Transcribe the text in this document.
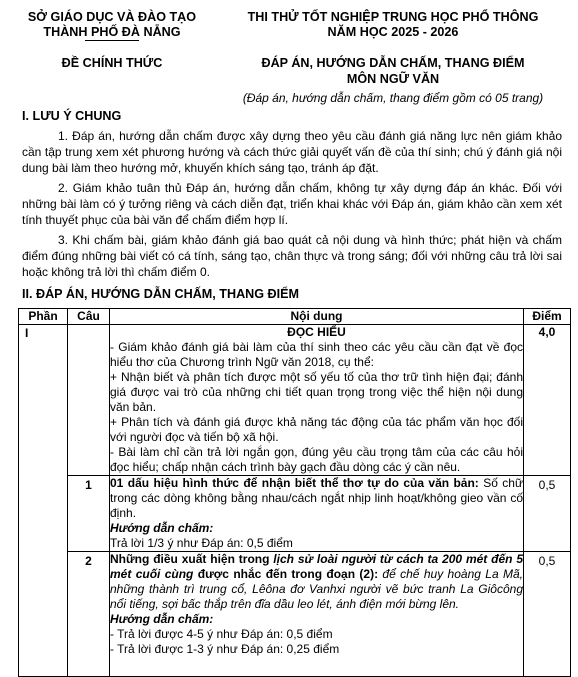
SỞ GIÁO DỤC VÀ ĐÀO TẠO
THÀNH PHỐ ĐÀ NẴNG
THI THỬ TỐT NGHIỆP TRUNG HỌC PHỔ THÔNG
NĂM HỌC 2025 - 2026
ĐỀ CHÍNH THỨC	ĐÁP ÁN, HƯỚNG DẪN CHẤM, THANG ĐIỂM
MÔN NGỮ VĂN
(Đáp án, hướng dẫn chấm, thang điểm gồm có 05 trang)
I. LƯU Ý CHUNG
1. Đáp án, hướng dẫn chấm được xây dựng theo yêu cầu đánh giá năng lực nên giám khảo cần tập trung xem xét phương hướng và cách thức giải quyết vấn đề của thí sinh; chú ý đánh giá nội dung bài làm theo hướng mở, khuyến khích sáng tạo, tránh áp đặt.
2. Giám khảo tuân thủ Đáp án, hướng dẫn chấm, không tự xây dựng đáp án khác. Đối với những bài làm có ý tưởng riêng và cách diễn đạt, triển khai khác với Đáp án, giám khảo cần xem xét tính thuyết phục của bài văn để chấm điểm hợp lí.
3. Khi chấm bài, giám khảo đánh giá bao quát cả nội dung và hình thức; phát hiện và chấm điểm đúng những bài viết có cá tính, sáng tạo, chân thực và trong sáng; đối với những câu trả lời sai hoặc không trả lời thì chấm điểm 0.
II. ĐÁP ÁN, HƯỚNG DẪN CHẤM, THANG ĐIỂM
Phần	Câu	Nội dung	Điểm
I		ĐỌC HIỂU
- Giám khảo đánh giá bài làm của thí sinh theo các yêu cầu cần đạt về đọc hiểu thơ của Chương trình Ngữ văn 2018, cụ thể:
+ Nhận biết và phân tích được một số yếu tố của thơ trữ tình hiện đại; đánh giá được vai trò của những chi tiết quan trọng trong việc thể hiện nội dung văn bản.
+ Phân tích và đánh giá được khả năng tác động của tác phẩm văn học đối với người đọc và tiến bộ xã hội.
- Bài làm chỉ cần trả lời ngắn gọn, đúng yêu cầu trọng tâm của các câu hỏi đọc hiểu; chấp nhận cách trình bày gạch đầu dòng các ý cần nêu.	4,0
	1	01 dấu hiệu hình thức để nhận biết thể thơ tự do của văn bản: Số chữ trong các dòng không bằng nhau/cách ngắt nhịp linh hoạt/không gieo vần cố định.
Hướng dẫn chấm:
Trả lời 1/3 ý như Đáp án: 0,5 điểm	0,5
	2	Những điều xuất hiện trong lịch sử loài người từ cách ta 200 mét đến 5 mét cuối cùng được nhắc đến trong đoạn (2): để chế huy hoàng La Mã, những thành trì trung cổ, Lêôna đơ Vanhxi người vẽ bức tranh La Giôcông nổi tiếng, sợi bấc thắp trên đĩa dầu leo lét, ánh điện mới bừng lên.
Hướng dẫn chấm:
- Trả lời được 4-5 ý như Đáp án: 0,5 điểm
- Trả lời được 1-3 ý như Đáp án: 0,25 điểm	0,5
